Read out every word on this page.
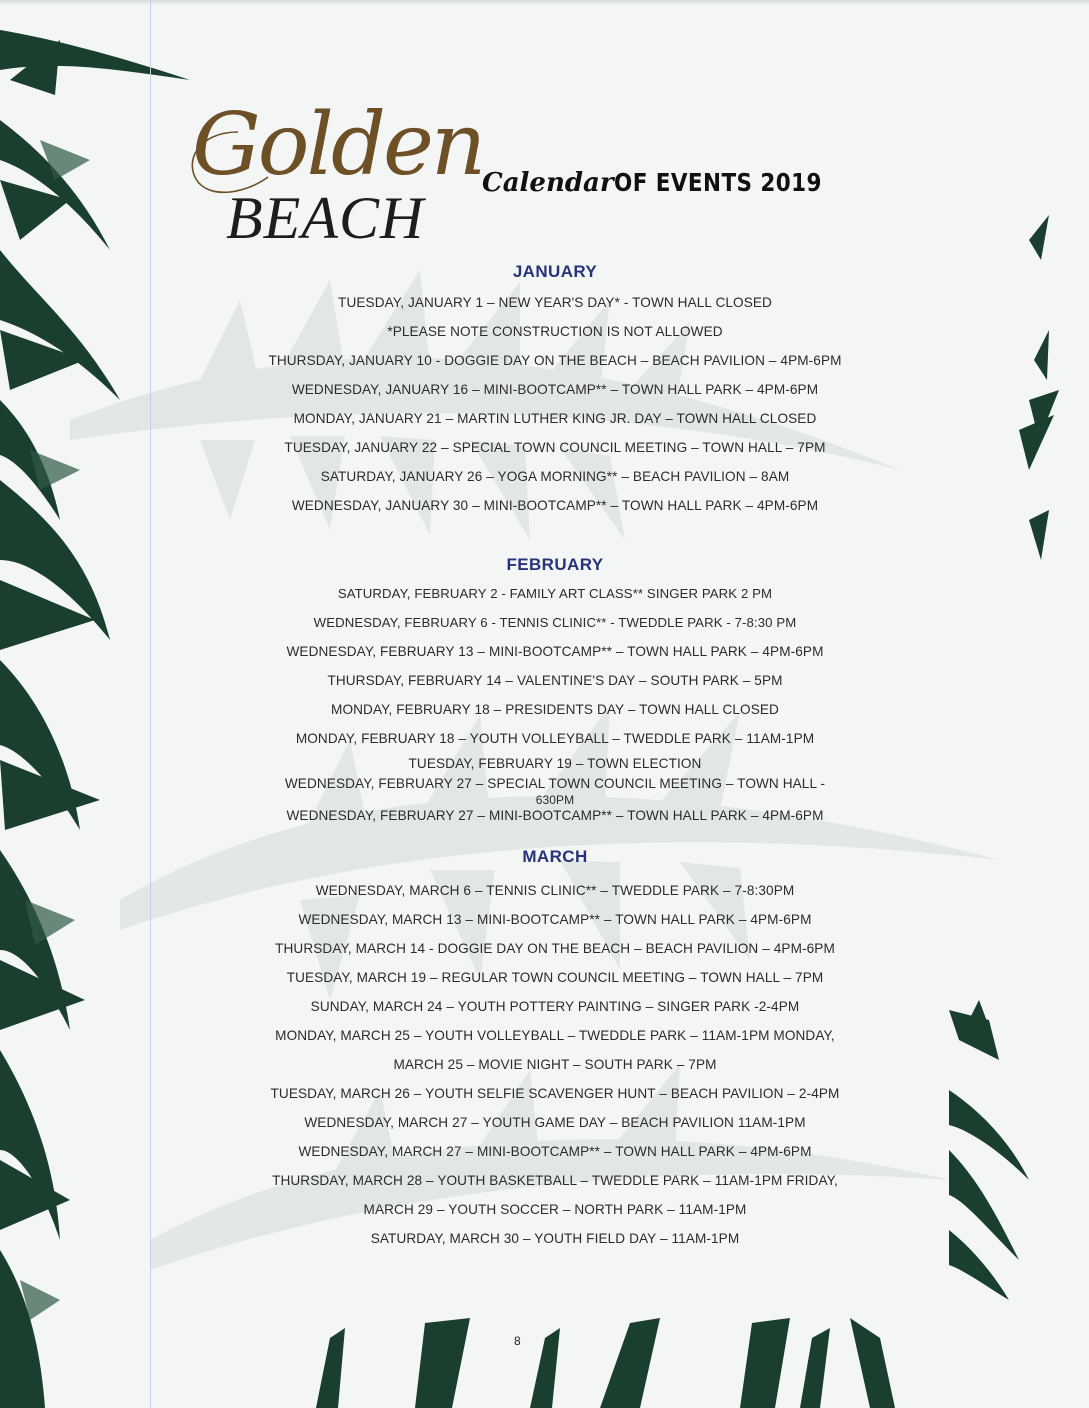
Golden
BEACH
CalendarOF EVENTS 2019
JANUARY
TUESDAY, JANUARY 1 – NEW YEAR'S DAY* - TOWN HALL CLOSED
*PLEASE NOTE CONSTRUCTION IS NOT ALLOWED
THURSDAY, JANUARY 10 - DOGGIE DAY ON THE BEACH – BEACH PAVILION – 4PM-6PM
WEDNESDAY, JANUARY 16 – MINI-BOOTCAMP** – TOWN HALL PARK – 4PM-6PM
MONDAY, JANUARY 21 – MARTIN LUTHER KING JR. DAY – TOWN HALL CLOSED
TUESDAY, JANUARY 22 – SPECIAL TOWN COUNCIL MEETING – TOWN HALL – 7PM
SATURDAY, JANUARY 26 – YOGA MORNING** – BEACH PAVILION – 8AM
WEDNESDAY, JANUARY 30 – MINI-BOOTCAMP** – TOWN HALL PARK – 4PM-6PM
FEBRUARY
SATURDAY, FEBRUARY 2 - FAMILY ART CLASS** SINGER PARK 2 PM
WEDNESDAY, FEBRUARY 6 - TENNIS CLINIC** - TWEDDLE PARK - 7-8:30 PM
WEDNESDAY, FEBRUARY 13 – MINI-BOOTCAMP** – TOWN HALL PARK – 4PM-6PM
THURSDAY, FEBRUARY 14 – VALENTINE'S DAY – SOUTH PARK – 5PM
MONDAY, FEBRUARY 18 – PRESIDENTS DAY – TOWN HALL CLOSED
MONDAY, FEBRUARY 18 – YOUTH VOLLEYBALL – TWEDDLE PARK – 11AM-1PM
TUESDAY, FEBRUARY 19 – TOWN ELECTION
WEDNESDAY, FEBRUARY 27 – SPECIAL TOWN COUNCIL MEETING – TOWN HALL -
630PM
WEDNESDAY, FEBRUARY 27 – MINI-BOOTCAMP** – TOWN HALL PARK – 4PM-6PM
MARCH
WEDNESDAY, MARCH 6 – TENNIS CLINIC** – TWEDDLE PARK – 7-8:30PM
WEDNESDAY, MARCH 13 – MINI-BOOTCAMP** – TOWN HALL PARK – 4PM-6PM
THURSDAY, MARCH 14 - DOGGIE DAY ON THE BEACH – BEACH PAVILION – 4PM-6PM
TUESDAY, MARCH 19 – REGULAR TOWN COUNCIL MEETING – TOWN HALL – 7PM
SUNDAY, MARCH 24 – YOUTH POTTERY PAINTING – SINGER PARK -2-4PM
MONDAY, MARCH 25 – YOUTH VOLLEYBALL – TWEDDLE PARK – 11AM-1PM MONDAY,
MARCH 25 – MOVIE NIGHT – SOUTH PARK – 7PM
TUESDAY, MARCH 26 – YOUTH SELFIE SCAVENGER HUNT – BEACH PAVILION – 2-4PM
WEDNESDAY, MARCH 27 – YOUTH GAME DAY – BEACH PAVILION 11AM-1PM
WEDNESDAY, MARCH 27 – MINI-BOOTCAMP** – TOWN HALL PARK – 4PM-6PM
THURSDAY, MARCH 28 – YOUTH BASKETBALL – TWEDDLE PARK – 11AM-1PM FRIDAY,
MARCH 29 – YOUTH SOCCER – NORTH PARK – 11AM-1PM
SATURDAY, MARCH 30 – YOUTH FIELD DAY – 11AM-1PM
8
